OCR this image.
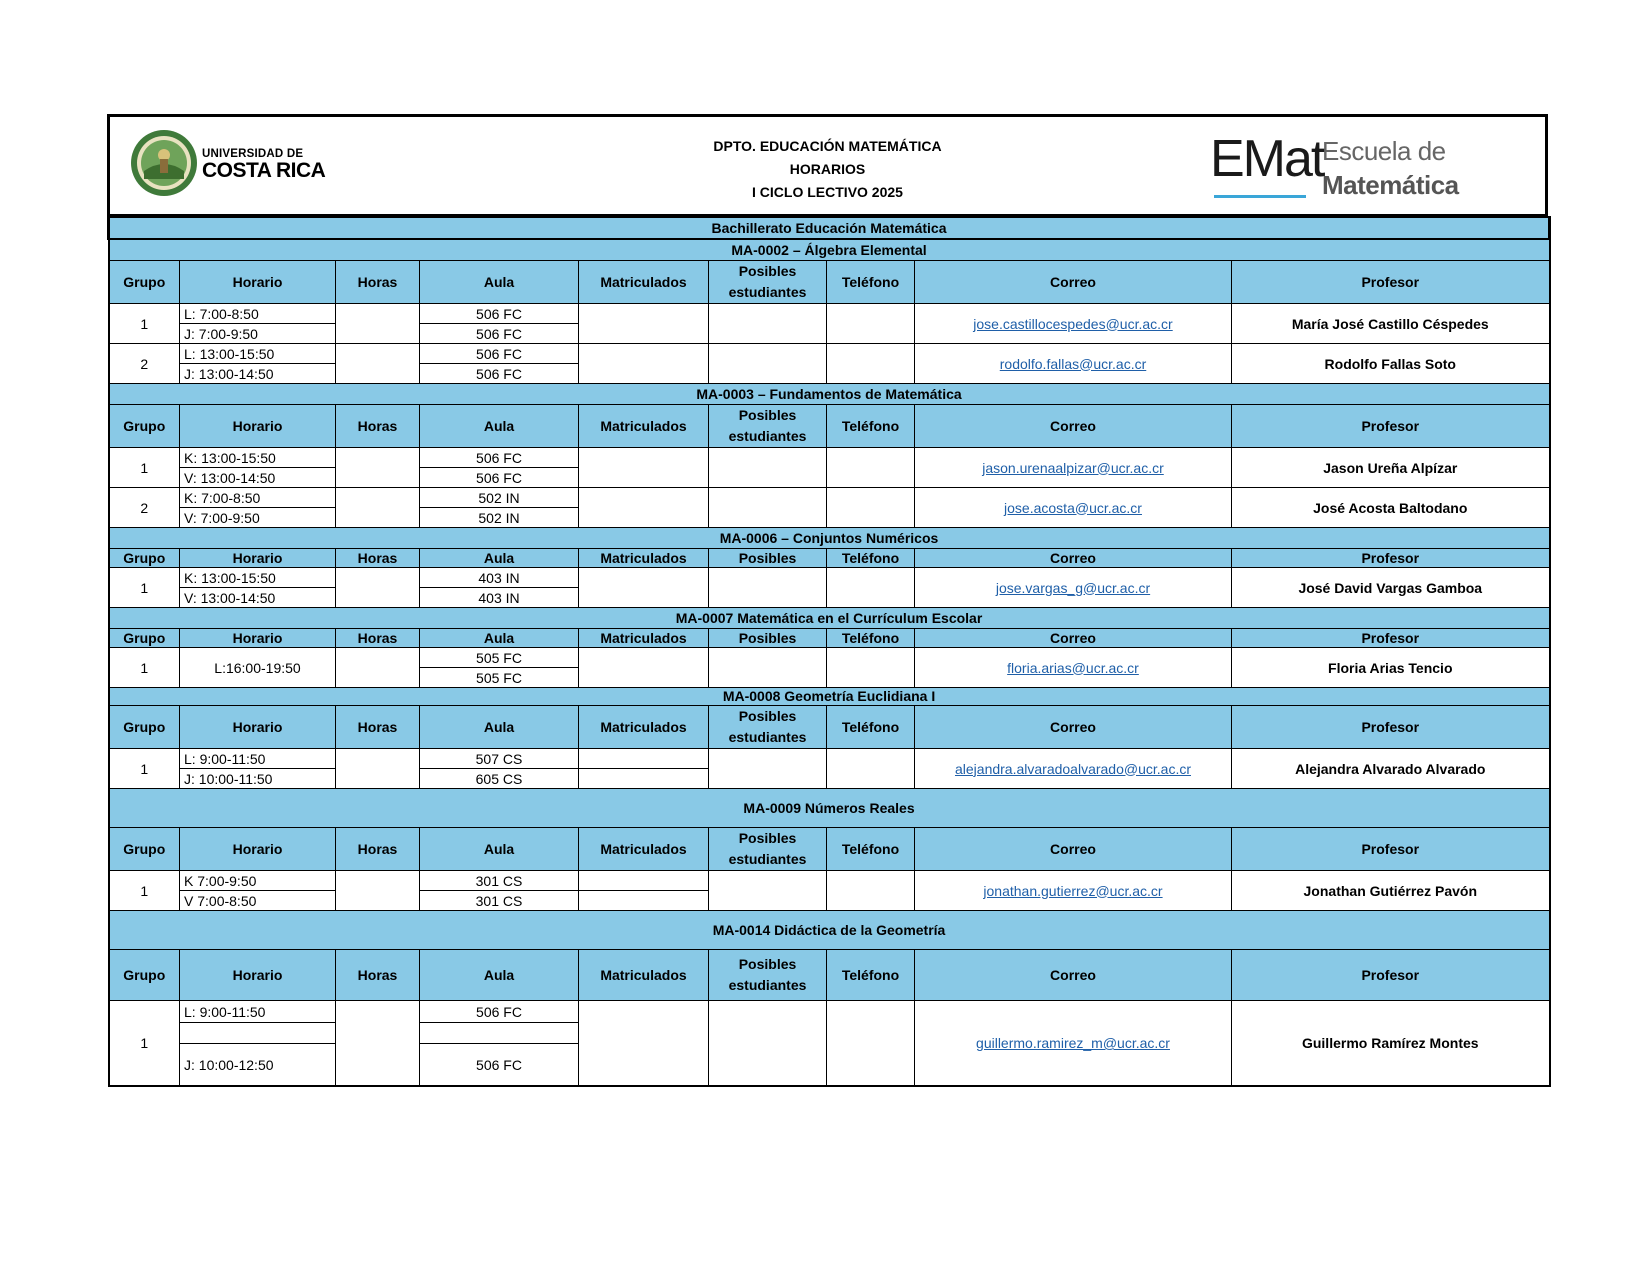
UNIVERSIDAD DE
COSTA RICA
DPTO. EDUCACIÓN MATEMÁTICA
HORARIOS
I CICLO LECTIVO 2025
EMat
Escuela de
Matemática
Bachillerato Educación Matemática								
MA-0002 – Álgebra Elemental								
Grupo	Horario	Horas	Aula	Matriculados	Posibles estudiantes	Teléfono	Correo	Profesor
1	L: 7:00-8:50		506 FC				jose.castillocespedes@ucr.ac.cr	María José Castillo Céspedes
	J: 7:00-9:50		506 FC					
2	L: 13:00-15:50		506 FC				rodolfo.fallas@ucr.ac.cr	Rodolfo Fallas Soto
	J: 13:00-14:50		506 FC					
MA-0003 – Fundamentos de Matemática								
Grupo	Horario	Horas	Aula	Matriculados	Posibles estudiantes	Teléfono	Correo	Profesor
1	K: 13:00-15:50		506 FC				jason.urenaalpizar@ucr.ac.cr	Jason Ureña Alpízar
	V: 13:00-14:50		506 FC					
2	K: 7:00-8:50		502 IN				jose.acosta@ucr.ac.cr	José Acosta Baltodano
	V: 7:00-9:50		502 IN					
MA-0006 – Conjuntos Numéricos								
Grupo	Horario	Horas	Aula	Matriculados	Posibles	Teléfono	Correo	Profesor
1	K: 13:00-15:50		403 IN				jose.vargas_g@ucr.ac.cr	José David Vargas Gamboa
	V: 13:00-14:50		403 IN					
MA-0007 Matemática en el Currículum Escolar								
Grupo	Horario	Horas	Aula	Matriculados	Posibles	Teléfono	Correo	Profesor
1	L:16:00-19:50		505 FC				floria.arias@ucr.ac.cr	Floria Arias Tencio
			505 FC					
MA-0008 Geometría Euclidiana I								
Grupo	Horario	Horas	Aula	Matriculados	Posibles estudiantes	Teléfono	Correo	Profesor
1	L: 9:00-11:50		507 CS				alejandra.alvaradoalvarado@ucr.ac.cr	Alejandra Alvarado Alvarado
	J: 10:00-11:50		605 CS					
MA-0009 Números Reales								
Grupo	Horario	Horas	Aula	Matriculados	Posibles estudiantes	Teléfono	Correo	Profesor
1	K 7:00-9:50		301 CS				jonathan.gutierrez@ucr.ac.cr	Jonathan Gutiérrez Pavón
	V 7:00-8:50		301 CS					
MA-0014 Didáctica de la Geometría								
Grupo	Horario	Horas	Aula	Matriculados	Posibles estudiantes	Teléfono	Correo	Profesor
1	L: 9:00-11:50		506 FC				guillermo.ramirez_m@ucr.ac.cr	Guillermo Ramírez Montes

	J: 10:00-12:50		506 FC					
